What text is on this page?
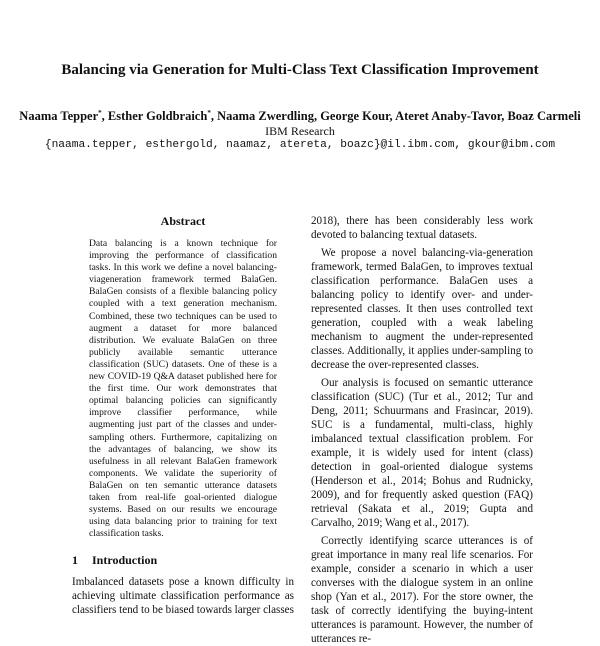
Balancing via Generation for Multi-Class Text Classification Improvement
Naama Tepper*, Esther Goldbraich*, Naama Zwerdling, George Kour, Ateret Anaby-Tavor, Boaz Carmeli
IBM Research
{naama.tepper, esthergold, naamaz, atereta, boazc}@il.ibm.com, gkour@ibm.com
Abstract

Data balancing is a known technique for improving the performance of classification tasks. In this work we define a novel balancing-viageneration framework termed BalaGen. BalaGen consists of a flexible balancing policy coupled with a text generation mechanism. Combined, these two techniques can be used to augment a dataset for more balanced distribution. We evaluate BalaGen on three publicly available semantic utterance classification (SUC) datasets. One of these is a new COVID-19 Q&A dataset published here for the first time. Our work demonstrates that optimal balancing policies can significantly improve classifier performance, while augmenting just part of the classes and under-sampling others. Furthermore, capitalizing on the advantages of balancing, we show its usefulness in all relevant BalaGen framework components. We validate the superiority of BalaGen on ten semantic utterance datasets taken from real-life goal-oriented dialogue systems. Based on our results we encourage using data balancing prior to training for text classification tasks.

1 Introduction

Imbalanced datasets pose a known difficulty in achieving ultimate classification performance as classifiers tend to be biased towards larger classes

2018), there has been considerably less work devoted to balancing textual datasets.

We propose a novel balancing-via-generation framework, termed BalaGen, to improves textual classification performance. BalaGen uses a balancing policy to identify over- and under-represented classes. It then uses controlled text generation, coupled with a weak labeling mechanism to augment the under-represented classes. Additionally, it applies under-sampling to decrease the over-represented classes.

Our analysis is focused on semantic utterance classification (SUC) (Tur et al., 2012; Tur and Deng, 2011; Schuurmans and Frasincar, 2019). SUC is a fundamental, multi-class, highly imbalanced textual classification problem. For example, it is widely used for intent (class) detection in goal-oriented dialogue systems (Henderson et al., 2014; Bohus and Rudnicky, 2009), and for frequently asked question (FAQ) retrieval (Sakata et al., 2019; Gupta and Carvalho, 2019; Wang et al., 2017).

Correctly identifying scarce utterances is of great importance in many real life scenarios. For example, consider a scenario in which a user converses with the dialogue system in an online shop (Yan et al., 2017). For the store owner, the task of correctly identifying the buying-intent utterances is paramount. However, the number of utterances re-
